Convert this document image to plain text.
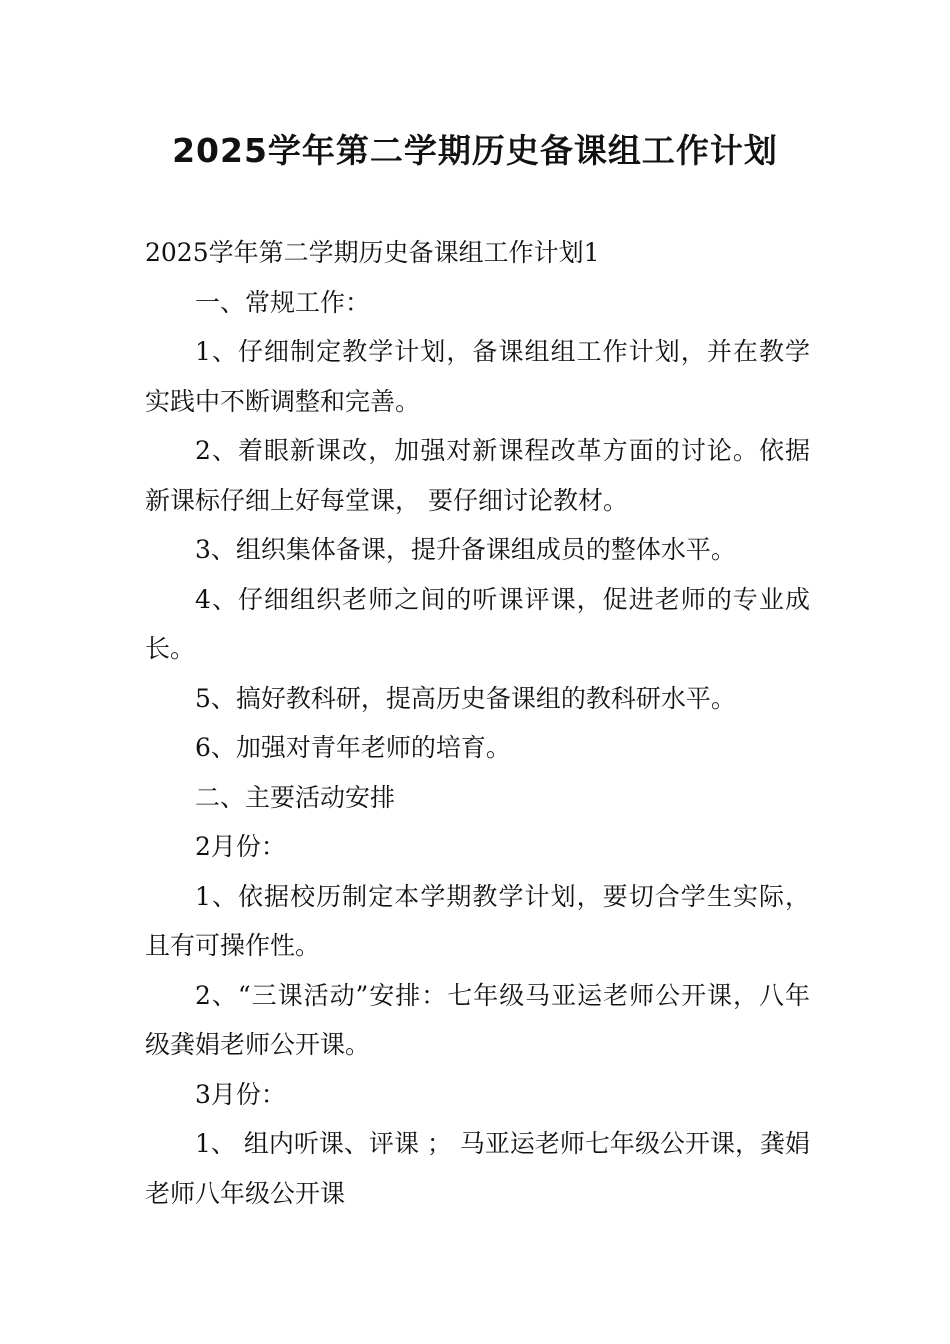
2025学年第二学期历史备课组工作计划

2025学年第二学期历史备课组工作计划1

一、常规工作：

1、仔细制定教学计划，备课组组工作计划，并在教学实践中不断调整和完善。

2、着眼新课改，加强对新课程改革方面的讨论。依据新课标仔细上好每堂课， 要仔细讨论教材。

3、组织集体备课，提升备课组成员的整体水平。

4、仔细组织老师之间的听课评课，促进老师的专业成长。

5、搞好教科研，提高历史备课组的教科研水平。

6、加强对青年老师的培育。

二、主要活动安排

2月份：

1、依据校历制定本学期教学计划，要切合学生实际，且有可操作性。

2、“三课活动”安排：七年级马亚运老师公开课，八年级龚娟老师公开课。

3月份：

1、 组内听课、评课 ； 马亚运老师七年级公开课，龚娟老师八年级公开课
